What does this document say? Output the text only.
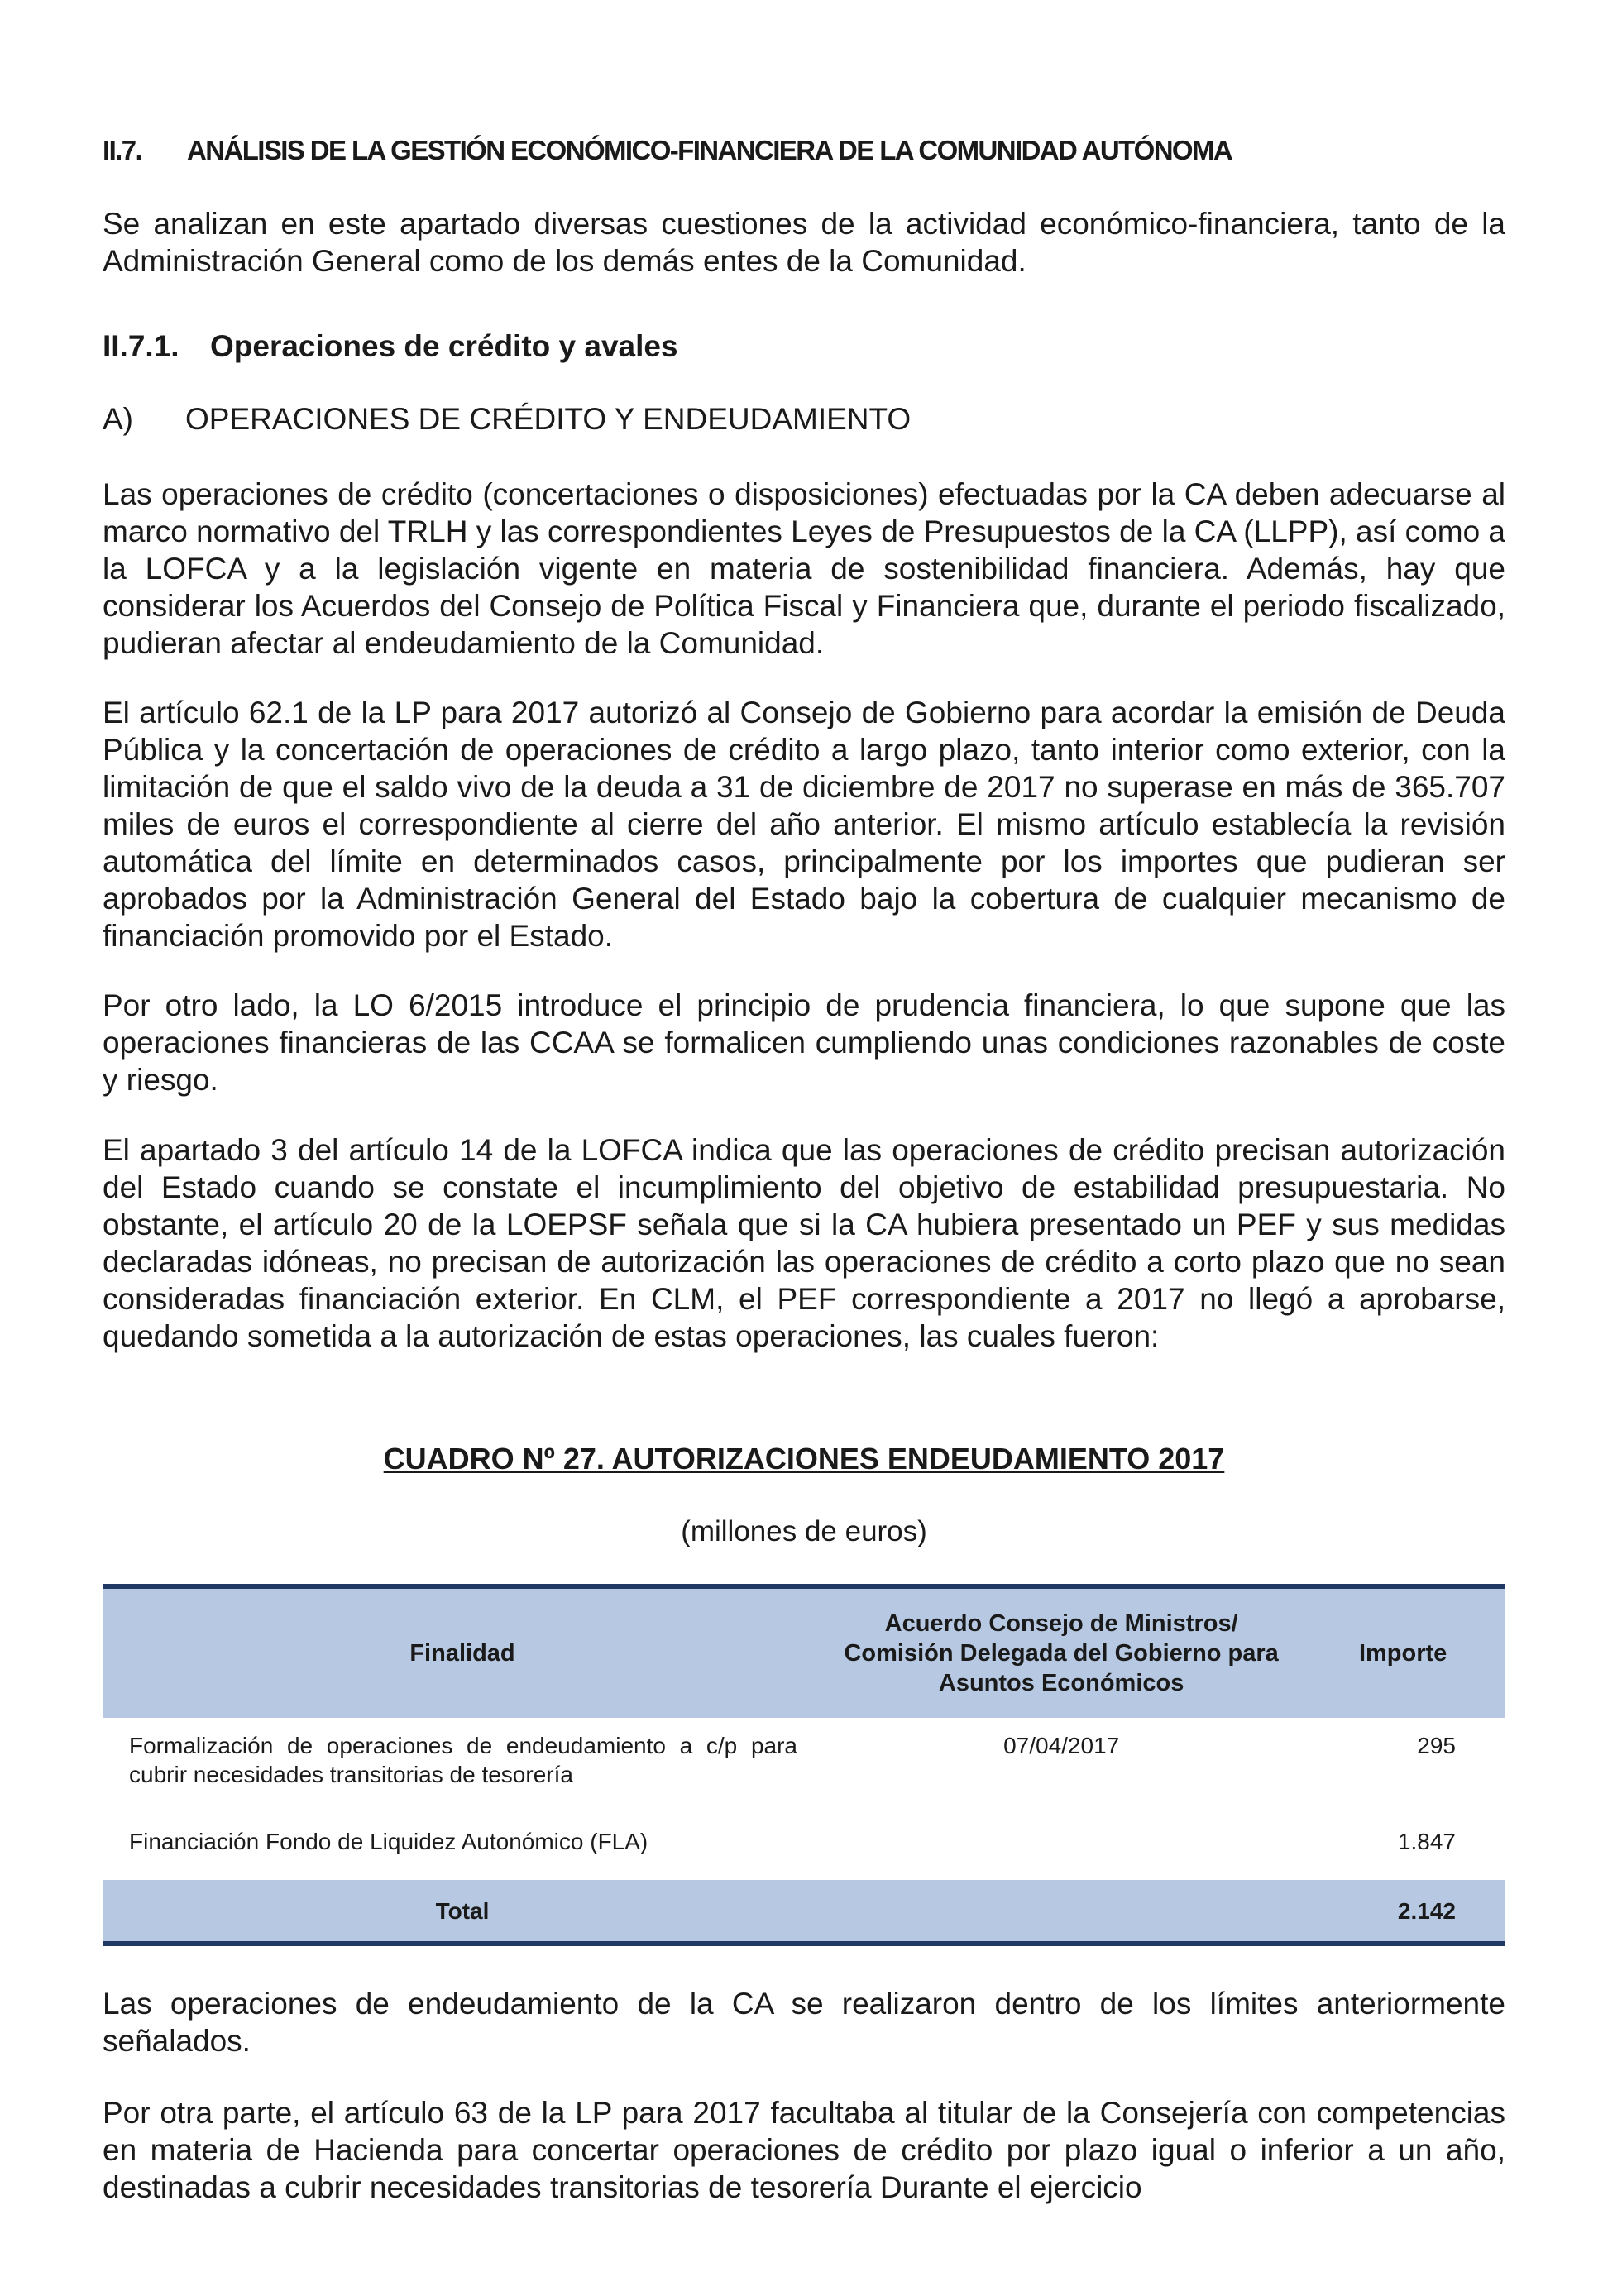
II.7. ANÁLISIS DE LA GESTIÓN ECONÓMICO-FINANCIERA DE LA COMUNIDAD AUTÓNOMA

Se analizan en este apartado diversas cuestiones de la actividad económico-financiera, tanto de la Administración General como de los demás entes de la Comunidad.

II.7.1. Operaciones de crédito y avales
A) OPERACIONES DE CRÉDITO Y ENDEUDAMIENTO

Las operaciones de crédito (concertaciones o disposiciones) efectuadas por la CA deben adecuarse al marco normativo del TRLH y las correspondientes Leyes de Presupuestos de la CA (LLPP), así como a la LOFCA y a la legislación vigente en materia de sostenibilidad financiera. Además, hay que considerar los Acuerdos del Consejo de Política Fiscal y Financiera que, durante el periodo fiscalizado, pudieran afectar al endeudamiento de la Comunidad.

El artículo 62.1 de la LP para 2017 autorizó al Consejo de Gobierno para acordar la emisión de Deuda Pública y la concertación de operaciones de crédito a largo plazo, tanto interior como exterior, con la limitación de que el saldo vivo de la deuda a 31 de diciembre de 2017 no superase en más de 365.707 miles de euros el correspondiente al cierre del año anterior. El mismo artículo establecía la revisión automática del límite en determinados casos, principalmente por los importes que pudieran ser aprobados por la Administración General del Estado bajo la cobertura de cualquier mecanismo de financiación promovido por el Estado.

Por otro lado, la LO 6/2015 introduce el principio de prudencia financiera, lo que supone que las operaciones financieras de las CCAA se formalicen cumpliendo unas condiciones razonables de coste y riesgo.

El apartado 3 del artículo 14 de la LOFCA indica que las operaciones de crédito precisan autorización del Estado cuando se constate el incumplimiento del objetivo de estabilidad presupuestaria. No obstante, el artículo 20 de la LOEPSF señala que si la CA hubiera presentado un PEF y sus medidas declaradas idóneas, no precisan de autorización las operaciones de crédito a corto plazo que no sean consideradas financiación exterior. En CLM, el PEF correspondiente a 2017 no llegó a aprobarse, quedando sometida a la autorización de estas operaciones, las cuales fueron:

CUADRO Nº 27. AUTORIZACIONES ENDEUDAMIENTO 2017
(millones de euros)
Finalidad	Acuerdo Consejo de Ministros/ Comisión Delegada del Gobierno para Asuntos Económicos	Importe
Formalización de operaciones de endeudamiento a c/p para cubrir necesidades transitorias de tesorería	07/04/2017	295
Financiación Fondo de Liquidez Autonómico (FLA)		1.847
Total		2.142

Las operaciones de endeudamiento de la CA se realizaron dentro de los límites anteriormente señalados.

Por otra parte, el artículo 63 de la LP para 2017 facultaba al titular de la Consejería con competencias en materia de Hacienda para concertar operaciones de crédito por plazo igual o inferior a un año, destinadas a cubrir necesidades transitorias de tesorería Durante el ejercicio
